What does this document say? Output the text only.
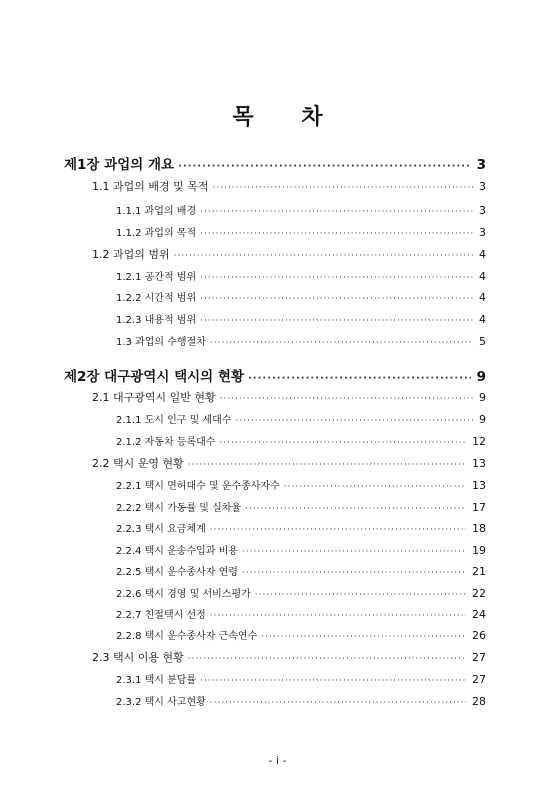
목 차
제1장 과업의 개요 ·····	3
1.1 과업의 배경 및 목적 ·····	3
1.1.1 과업의 배경 ·····	3
1.1.2 과업의 목적 ·····	3
1.2 과업의 범위 ·····	4
1.2.1 공간적 범위 ·····	4
1.2.2 시간적 범위 ·····	4
1.2.3 내용적 범위 ·····	4
1.3 과업의 수행절차 ·····	5
제2장 대구광역시 택시의 현황 ·····	9
2.1 대구광역시 일반 현황 ·····	9
2.1.1 도시 인구 및 세대수 ·····	9
2.1.2 자동차 등록대수 ·····	12
2.2 택시 운영 현황 ·····	13
2.2.1 택시 면허대수 및 운수종사자수 ·····	13
2.2.2 택시 가동률 및 실차율 ·····	17
2.2.3 택시 요금체계 ·····	18
2.2.4 택시 운송수입과 비용 ·····	19
2.2.5 택시 운수종사자 연령 ·····	21
2.2.6 택시 경영 및 서비스평가 ·····	22
2.2.7 친절택시 선정 ·····	24
2.2.8 택시 운수종사자 근속연수 ·····	26
2.3 택시 이용 현황 ·····	27
2.3.1 택시 분담률 ·····	27
2.3.2 택시 사고현황 ·····	28
- i -
